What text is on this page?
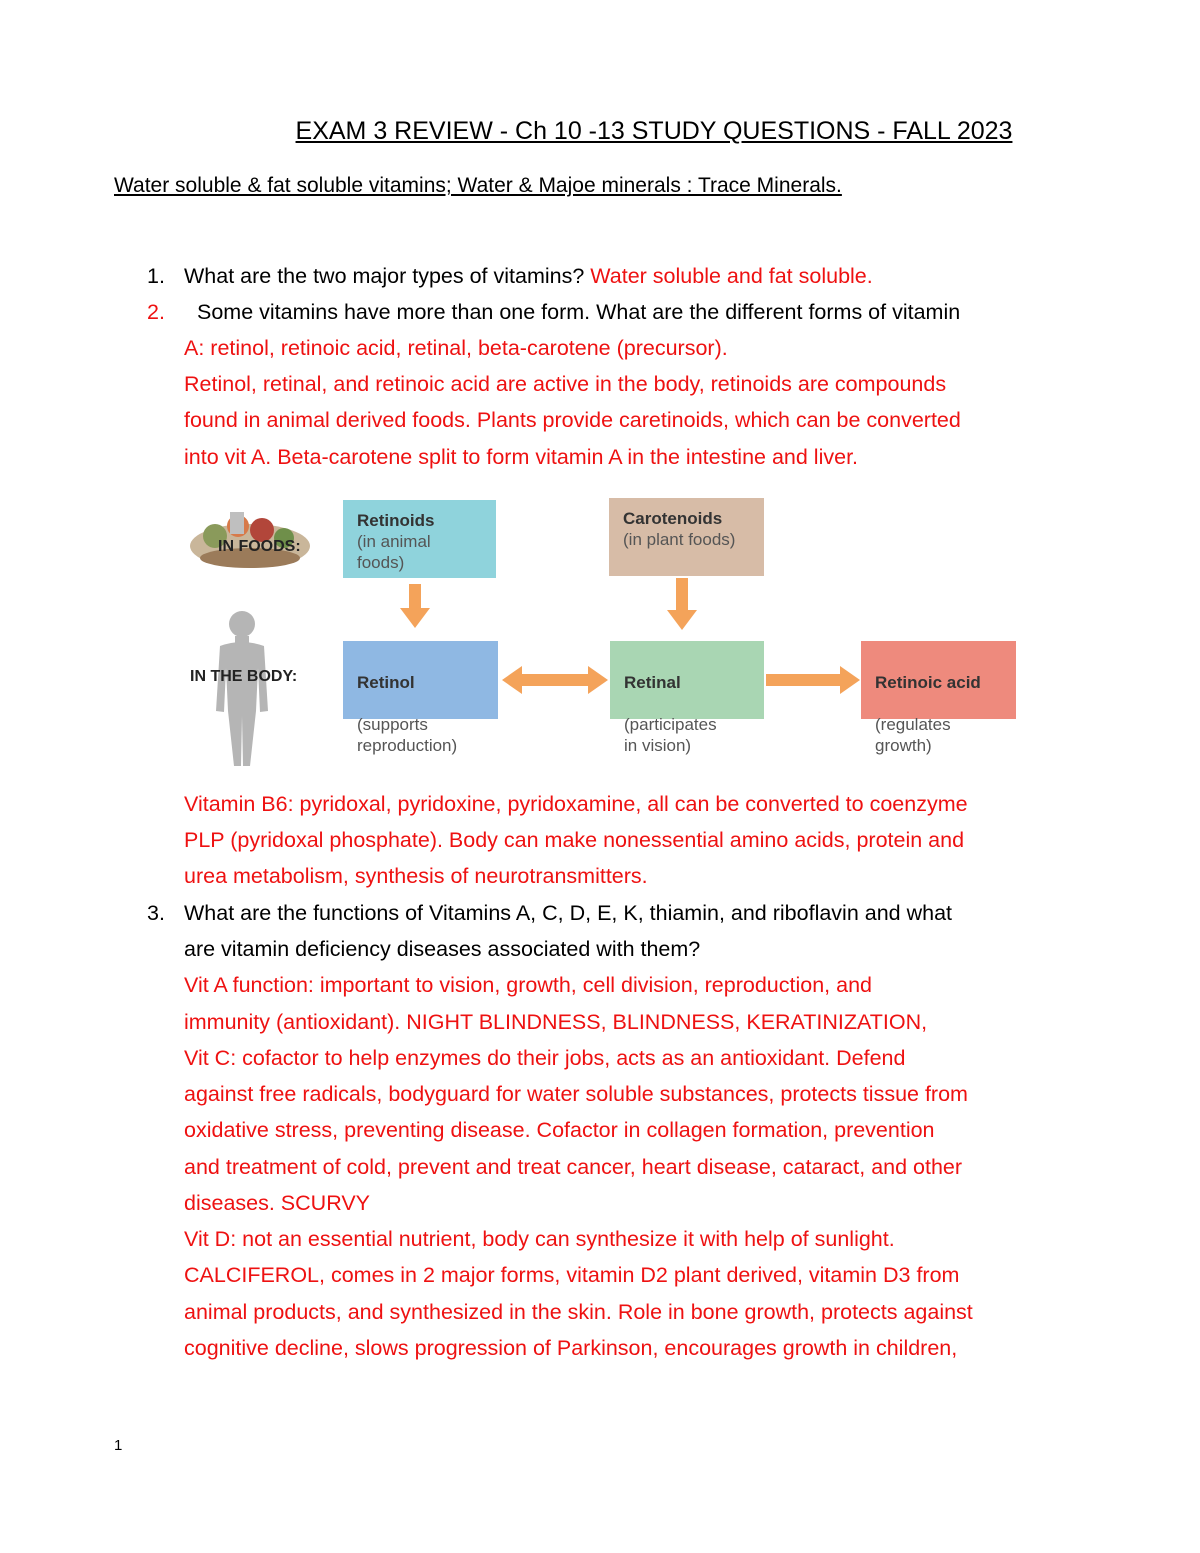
EXAM 3 REVIEW - Ch 10 -13 STUDY QUESTIONS - FALL 2023
Water soluble & fat soluble vitamins; Water & Majoe minerals : Trace Minerals.
1. What are the two major types of vitamins? Water soluble and fat soluble.
2. Some vitamins have more than one form. What are the different forms of vitamin
A: retinol, retinoic acid, retinal, beta-carotene (precursor).
Retinol, retinal, and retinoic acid are active in the body, retinoids are compounds
found in animal derived foods. Plants provide caretinoids, which can be converted
into vit A. Beta-carotene split to form vitamin A in the intestine and liver.
IN FOODS:
IN THE BODY:
Retinoids
(in animal foods)
Carotenoids
(in plant foods)

Retinol

(supports
reproduction)

Retinal

(participates
in vision)

Retinoic acid

(regulates
growth)

Vitamin B6: pyridoxal, pyridoxine, pyridoxamine, all can be converted to coenzyme
PLP (pyridoxal phosphate). Body can make nonessential amino acids, protein and
urea metabolism, synthesis of neurotransmitters.
3. What are the functions of Vitamins A, C, D, E, K, thiamin, and riboflavin and what
are vitamin deficiency diseases associated with them?
Vit A function: important to vision, growth, cell division, reproduction, and
immunity (antioxidant). NIGHT BLINDNESS, BLINDNESS, KERATINIZATION,
Vit C: cofactor to help enzymes do their jobs, acts as an antioxidant. Defend
against free radicals, bodyguard for water soluble substances, protects tissue from
oxidative stress, preventing disease. Cofactor in collagen formation, prevention
and treatment of cold, prevent and treat cancer, heart disease, cataract, and other
diseases. SCURVY
Vit D: not an essential nutrient, body can synthesize it with help of sunlight.
CALCIFEROL, comes in 2 major forms, vitamin D2 plant derived, vitamin D3 from
animal products, and synthesized in the skin. Role in bone growth, protects against
cognitive decline, slows progression of Parkinson, encourages growth in children,
1
